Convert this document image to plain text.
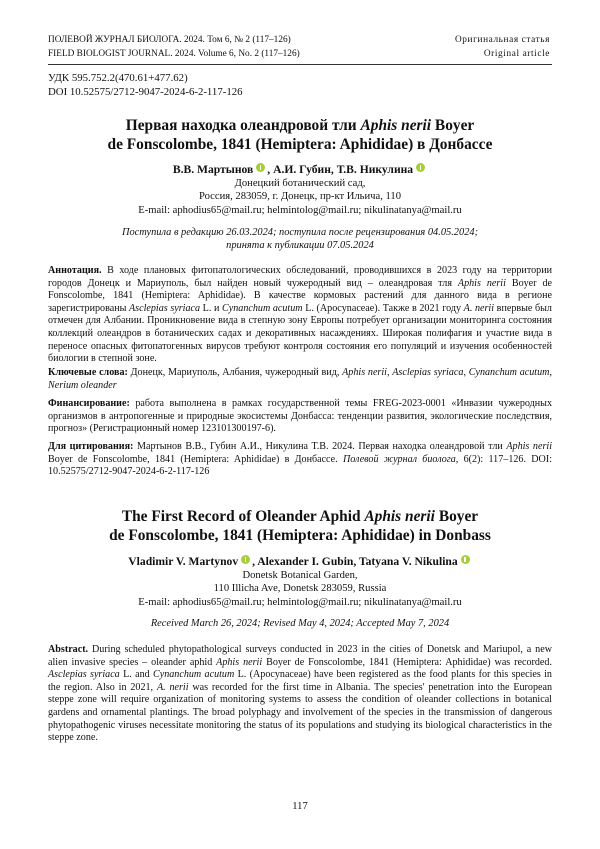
ПОЛЕВОЙ ЖУРНАЛ БИОЛОГА. 2024. Том 6, № 2 (117–126)
FIELD BIOLOGIST JOURNAL. 2024. Volume 6, No. 2 (117–126)
Оригинальная статья
Original article
УДК 595.752.2(470.61+477.62)
DOI 10.52575/2712-9047-2024-6-2-117-126
Первая находка олеандровой тли Aphis nerii Boyer
de Fonscolombe, 1841 (Hemiptera: Aphididae) в Донбассе
В.В. Мартынов , А.И. Губин, Т.В. Никулина
Донецкий ботанический сад,
Россия, 283059, г. Донецк, пр-кт Ильича, 110
E-mail: aphodius65@mail.ru; helmintolog@mail.ru; nikulinatanya@mail.ru
Поступила в редакцию 26.03.2024; поступила после рецензирования 04.05.2024;
принята к публикации 07.05.2024
Аннотация. В ходе плановых фитопатологических обследований, проводившихся в 2023 году на территории городов Донецк и Мариуполь, был найден новый чужеродный вид – олеандровая тля Aphis nerii Boyer de Fonscolombe, 1841 (Hemiptera: Aphididae). В качестве кормовых растений для данного вида в регионе зарегистрированы Asclepias syriaca L. и Cynanchum acutum L. (Apocynaceae). Также в 2021 году A. nerii впервые был отмечен для Албании. Проникновение вида в степную зону Европы потребует организации мониторинга состояния коллекций олеандров в ботанических садах и декоративных насаждениях. Широкая полифагия и участие вида в переносе опасных фитопатогенных вирусов требуют контроля состояния его популяций и изучения особенностей биологии в степной зоне.
Ключевые слова: Донецк, Мариуполь, Албания, чужеродный вид, Aphis nerii, Asclepias syriaca, Cynanchum acutum, Nerium oleander
Финансирование: работа выполнена в рамках государственной темы FREG-2023-0001 «Инвазии чужеродных организмов в антропогенные и природные экосистемы Донбасса: тенденции развития, экологические последствия, прогноз» (Регистрационный номер 123101300197-6).
Для цитирования: Мартынов В.В., Губин А.И., Никулина Т.В. 2024. Первая находка олеандровой тли Aphis nerii Boyer de Fonscolombe, 1841 (Hemiptera: Aphididae) в Донбассе. Полевой журнал биолога, 6(2): 117–126. DOI: 10.52575/2712-9047-2024-6-2-117-126
The First Record of Oleander Aphid Aphis nerii Boyer
de Fonscolombe, 1841 (Hemiptera: Aphididae) in Donbass
Vladimir V. Martynov , Alexander I. Gubin, Tatyana V. Nikulina
Donetsk Botanical Garden,
110 Illicha Ave, Donetsk 283059, Russia
E-mail: aphodius65@mail.ru; helmintolog@mail.ru; nikulinatanya@mail.ru
Received March 26, 2024; Revised May 4, 2024; Accepted May 7, 2024
Abstract. During scheduled phytopathological surveys conducted in 2023 in the cities of Donetsk and Mariupol, a new alien invasive species – oleander aphid Aphis nerii Boyer de Fonscolombe, 1841 (Hemiptera: Aphididae) was recorded. Asclepias syriaca L. and Cynanchum acutum L. (Apocynaceae) have been registered as the food plants for this species in the region. Also in 2021, A. nerii was recorded for the first time in Albania. The species' penetration into the European steppe zone will require organization of monitoring systems to assess the condition of oleander collections in botanical gardens and ornamental plantings. The broad polyphagy and involvement of the species in the transmission of dangerous phytopathogenic viruses necessitate monitoring the status of its populations and studying its biological characteristics in the steppe zone.
117
